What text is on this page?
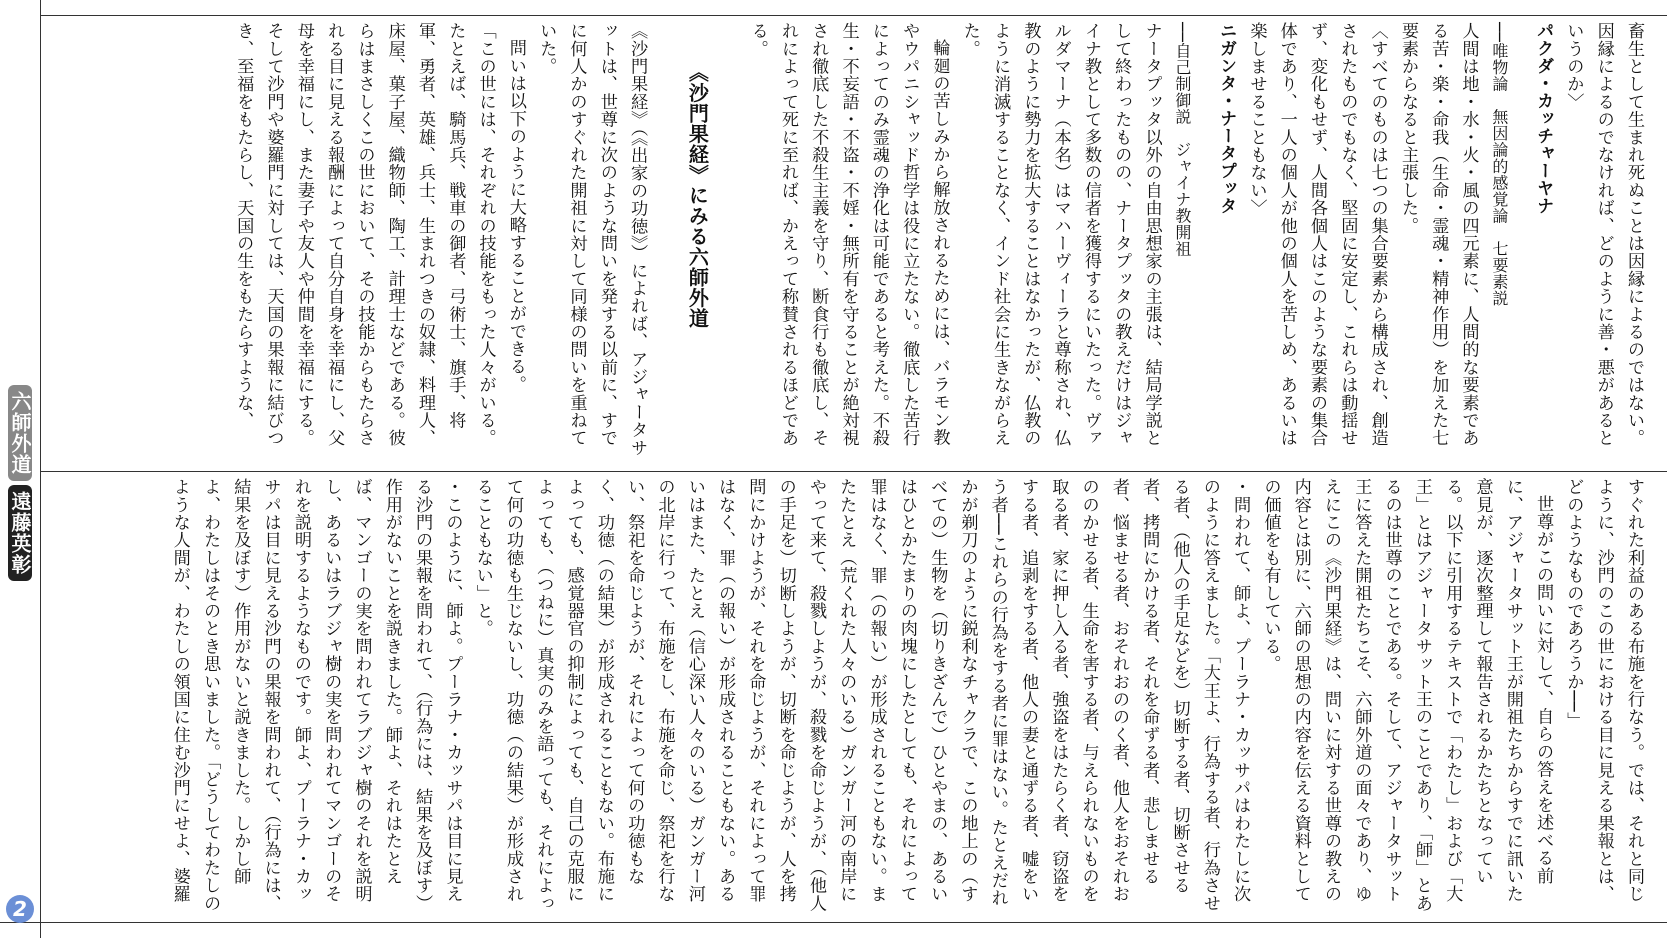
六師外道
遠藤英彰
2

畜生として生まれ死ぬことは因縁によるのではない。因縁によるのでなければ、どのように善・悪があるというのか〉

パクダ・カッチャーヤナ

──唯物論　無因論的感覚論　七要素説

人間は地・水・火・風の四元素に、人間的な要素である苦・楽・命我（生命・霊魂・精神作用）を加えた七要素からなると主張した。

〈すべてのものは七つの集合要素から構成され、創造されたものでもなく、堅固に安定し、これらは動揺せず、変化もせず、人間各個人はこのような要素の集合体であり、一人の個人が他の個人を苦しめ、あるいは楽しませることもない〉

ニガンタ・ナータプッタ

──自己制御説　ジャイナ教開祖

ナータプッタ以外の自由思想家の主張は、結局学説として終わったものの、ナータプッタの教えだけはジャイナ教として多数の信者を獲得するにいたった。ヴァルダマーナ（本名）はマハーヴィーラと尊称され、仏教のように勢力を拡大することはなかったが、仏教のように消滅することなく、インド社会に生きながらえた。

輪廻の苦しみから解放されるためには、バラモン教やウパニシャッド哲学は役に立たない。徹底した苦行によってのみ霊魂の浄化は可能であると考えた。不殺生・不妄語・不盗・不婬・無所有を守ることが絶対視され徹底した不殺生主義を守り、断食行も徹底し、それによって死に至れば、かえって称賛されるほどである。

《沙門果経》にみる六師外道

《沙門果経》（《出家の功徳》）によれば、アジャータサットは、世尊に次のような問いを発する以前に、すでに何人かのすぐれた開祖に対して同様の問いを重ねていた。

問いは以下のように大略することができる。

「この世には、それぞれの技能をもった人々がいる。たとえば、騎馬兵、戦車の御者、弓術士、旗手、将軍、勇者、英雄、兵士、生まれつきの奴隷、料理人、床屋、菓子屋、織物師、陶工、計理士などである。彼らはまさしくこの世において、その技能からもたらされる目に見える報酬によって自分自身を幸福にし、父母を幸福にし、また妻子や友人や仲間を幸福にする。そして沙門や婆羅門に対しては、天国の果報に結びつき、至福をもたらし、天国の生をもたらすような、

すぐれた利益のある布施を行なう。では、それと同じように、沙門のこの世における目に見える果報とは、どのようなものであろうか──」

世尊がこの問いに対して、自らの答えを述べる前に、アジャータサット王が開祖たちからすでに訊いた意見が、逐次整理して報告されるかたちとなっている。以下に引用するテキストで「わたし」および「大王」とはアジャータサット王のことであり、「師」とあるのは世尊のことである。そして、アジャータサット王に答えた開祖たちこそ、六師外道の面々であり、ゆえにこの《沙門果経》は、問いに対する世尊の教えの内容とは別に、六師の思想の内容を伝える資料としての価値をも有している。

・問われて、師よ、プーラナ・カッサパはわたしに次のように答えました。「大王よ、行為する者、行為させる者、（他人の手足などを）切断する者、切断させる者、拷問にかける者、それを命ずる者、悲しませる者、悩ませる者、おそれおののく者、他人をおそれおののかせる者、生命を害する者、与えられないものを取る者、家に押し入る者、強盗をはたらく者、窃盗をする者、追剥をする者、他人の妻と通ずる者、嘘をいう者──これらの行為をする者に罪はない。たとえだれかが剃刀のように鋭利なチャクラで、この地上の（すべての）生物を（切りきざんで）ひとやまの、あるいはひとかたまりの肉塊にしたとしても、それによって罪はなく、罪（の報い）が形成されることもない。またたとえ（荒くれた人々のいる）ガンガー河の南岸にやって来て、殺戮しようが、殺戮を命じようが、（他人の手足を）切断しようが、切断を命じようが、人を拷問にかけようが、それを命じようが、それによって罪はなく、罪（の報い）が形成されることもない。あるいはまた、たとえ（信心深い人々のいる）ガンガー河の北岸に行って、布施をし、布施を命じ、祭祀を行ない、祭祀を命じようが、それによって何の功徳もなく、功徳（の結果）が形成されることもない。布施によっても、感覚器官の抑制によっても、自己の克服によっても、（つねに）真実のみを語っても、それによって何の功徳も生じないし、功徳（の結果）が形成されることもない」と。

・このように、師よ。プーラナ・カッサパは目に見える沙門の果報を問われて、（行為には、結果を及ぼす）作用がないことを説きました。師よ、それはたとえば、マンゴーの実を問われてラブジャ樹のそれを説明し、あるいはラブジャ樹の実を問われてマンゴーのそれを説明するようなものです。師よ、プーラナ・カッサパは目に見える沙門の果報を問われて、（行為には、結果を及ぼす）作用がないと説きました。しかし師よ、わたしはそのとき思いました。「どうしてわたしのような人間が、わたしの領国に住む沙門にせよ、婆羅
